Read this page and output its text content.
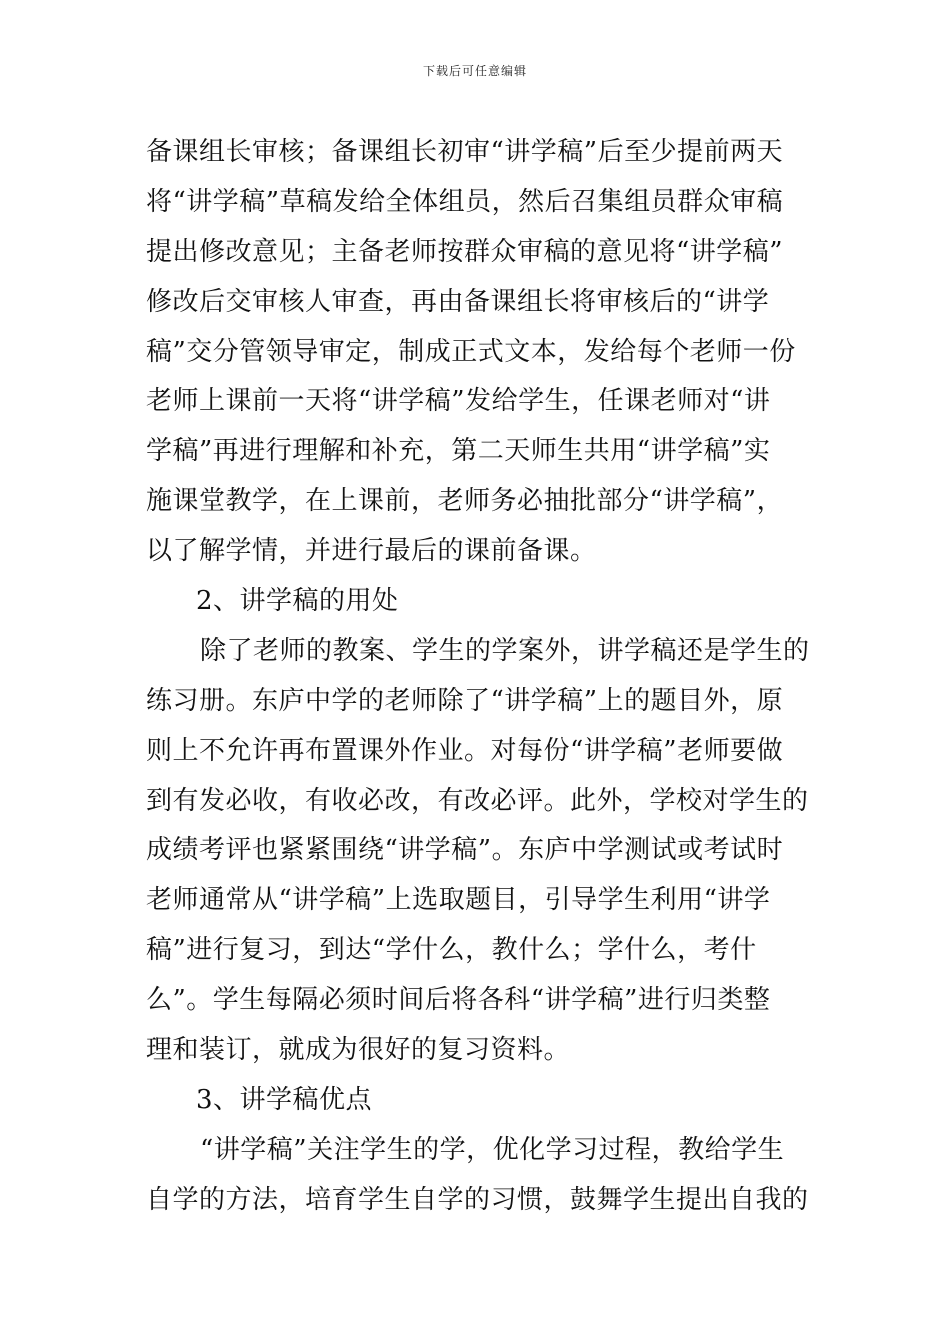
下载后可任意编辑
备课组长审核；备课组长初审“讲学稿”后至少提前两天
将“讲学稿”草稿发给全体组员，然后召集组员群众审稿
提出修改意见；主备老师按群众审稿的意见将“讲学稿”
修改后交审核人审查，再由备课组长将审核后的“讲学
稿”交分管领导审定，制成正式文本，发给每个老师一份
老师上课前一天将“讲学稿”发给学生，任课老师对“讲
学稿”再进行理解和补充，第二天师生共用“讲学稿”实
施课堂教学，在上课前，老师务必抽批部分“讲学稿”，
以了解学情，并进行最后的课前备课。
2、讲学稿的用处
除了老师的教案、学生的学案外，讲学稿还是学生的
练习册。东庐中学的老师除了“讲学稿”上的题目外，原
则上不允许再布置课外作业。对每份“讲学稿”老师要做
到有发必收，有收必改，有改必评。此外，学校对学生的
成绩考评也紧紧围绕“讲学稿”。东庐中学测试或考试时
老师通常从“讲学稿”上选取题目，引导学生利用“讲学
稿”进行复习，到达“学什么，教什么；学什么，考什
么”。学生每隔必须时间后将各科“讲学稿”进行归类整
理和装订，就成为很好的复习资料。
3、讲学稿优点
“讲学稿”关注学生的学，优化学习过程，教给学生
自学的方法，培育学生自学的习惯，鼓舞学生提出自我的
